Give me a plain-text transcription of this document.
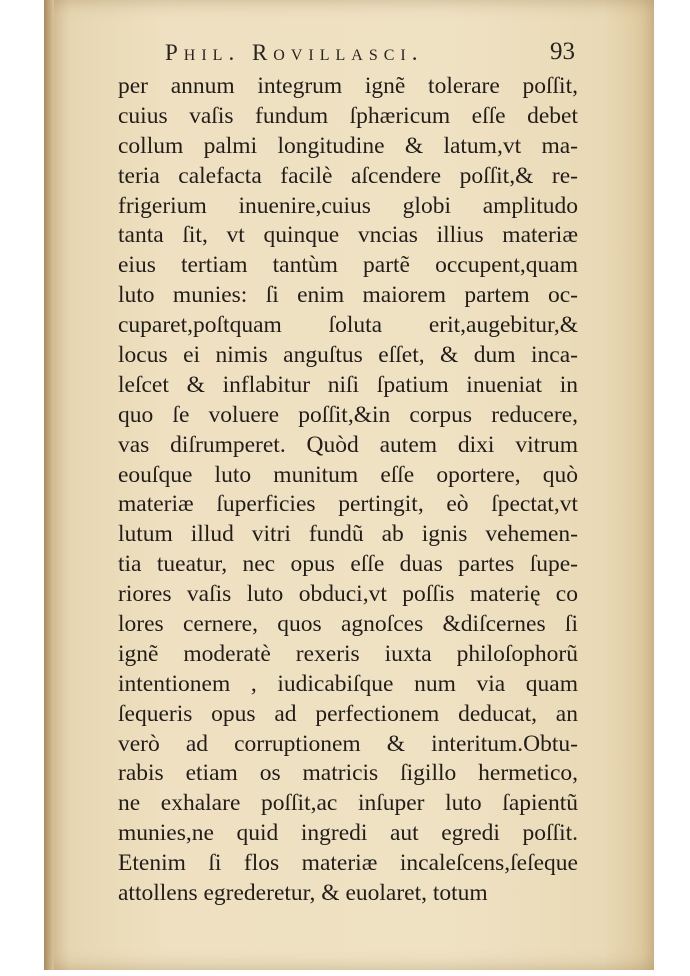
Phil. Rovillasci.	93
per annum integrum ignẽ tolerare poſſit,
cuius vaſis fundum ſphæricum eſſe debet
collum palmi longitudine & latum,vt ma-
teria calefacta facilè aſcendere poſſit,& re-
frigerium inuenire,cuius globi amplitudo
tanta ſit, vt quinque vncias illius materiæ
eius tertiam tantùm partẽ occupent,quam
luto munies: ſi enim maiorem partem oc-
cuparet,poſtquam ſoluta erit,augebitur,&
locus ei nimis anguſtus eſſet, & dum inca-
leſcet & inflabitur niſi ſpatium inueniat in
quo ſe voluere poſſit,&in corpus reducere,
vas diſrumperet. Quòd autem dixi vitrum
eouſque luto munitum eſſe oportere, quò
materiæ ſuperficies pertingit, eò ſpectat,vt
lutum illud vitri fundũ ab ignis vehemen-
tia tueatur, nec opus eſſe duas partes ſupe-
riores vaſis luto obduci,vt poſſis materię co
lores cernere, quos agnoſces &diſcernes ſi
ignẽ moderatè rexeris iuxta philoſophorũ
intentionem , iudicabiſque num via quam
ſequeris opus ad perfectionem deducat, an
verò ad corruptionem & interitum.Obtu-
rabis etiam os matricis ſigillo hermetico,
ne exhalare poſſit,ac inſuper luto ſapientũ
munies,ne quid ingredi aut egredi poſſit.
Etenim ſi flos materiæ incaleſcens,ſeſeque
attollens egrederetur, & euolaret, totum
